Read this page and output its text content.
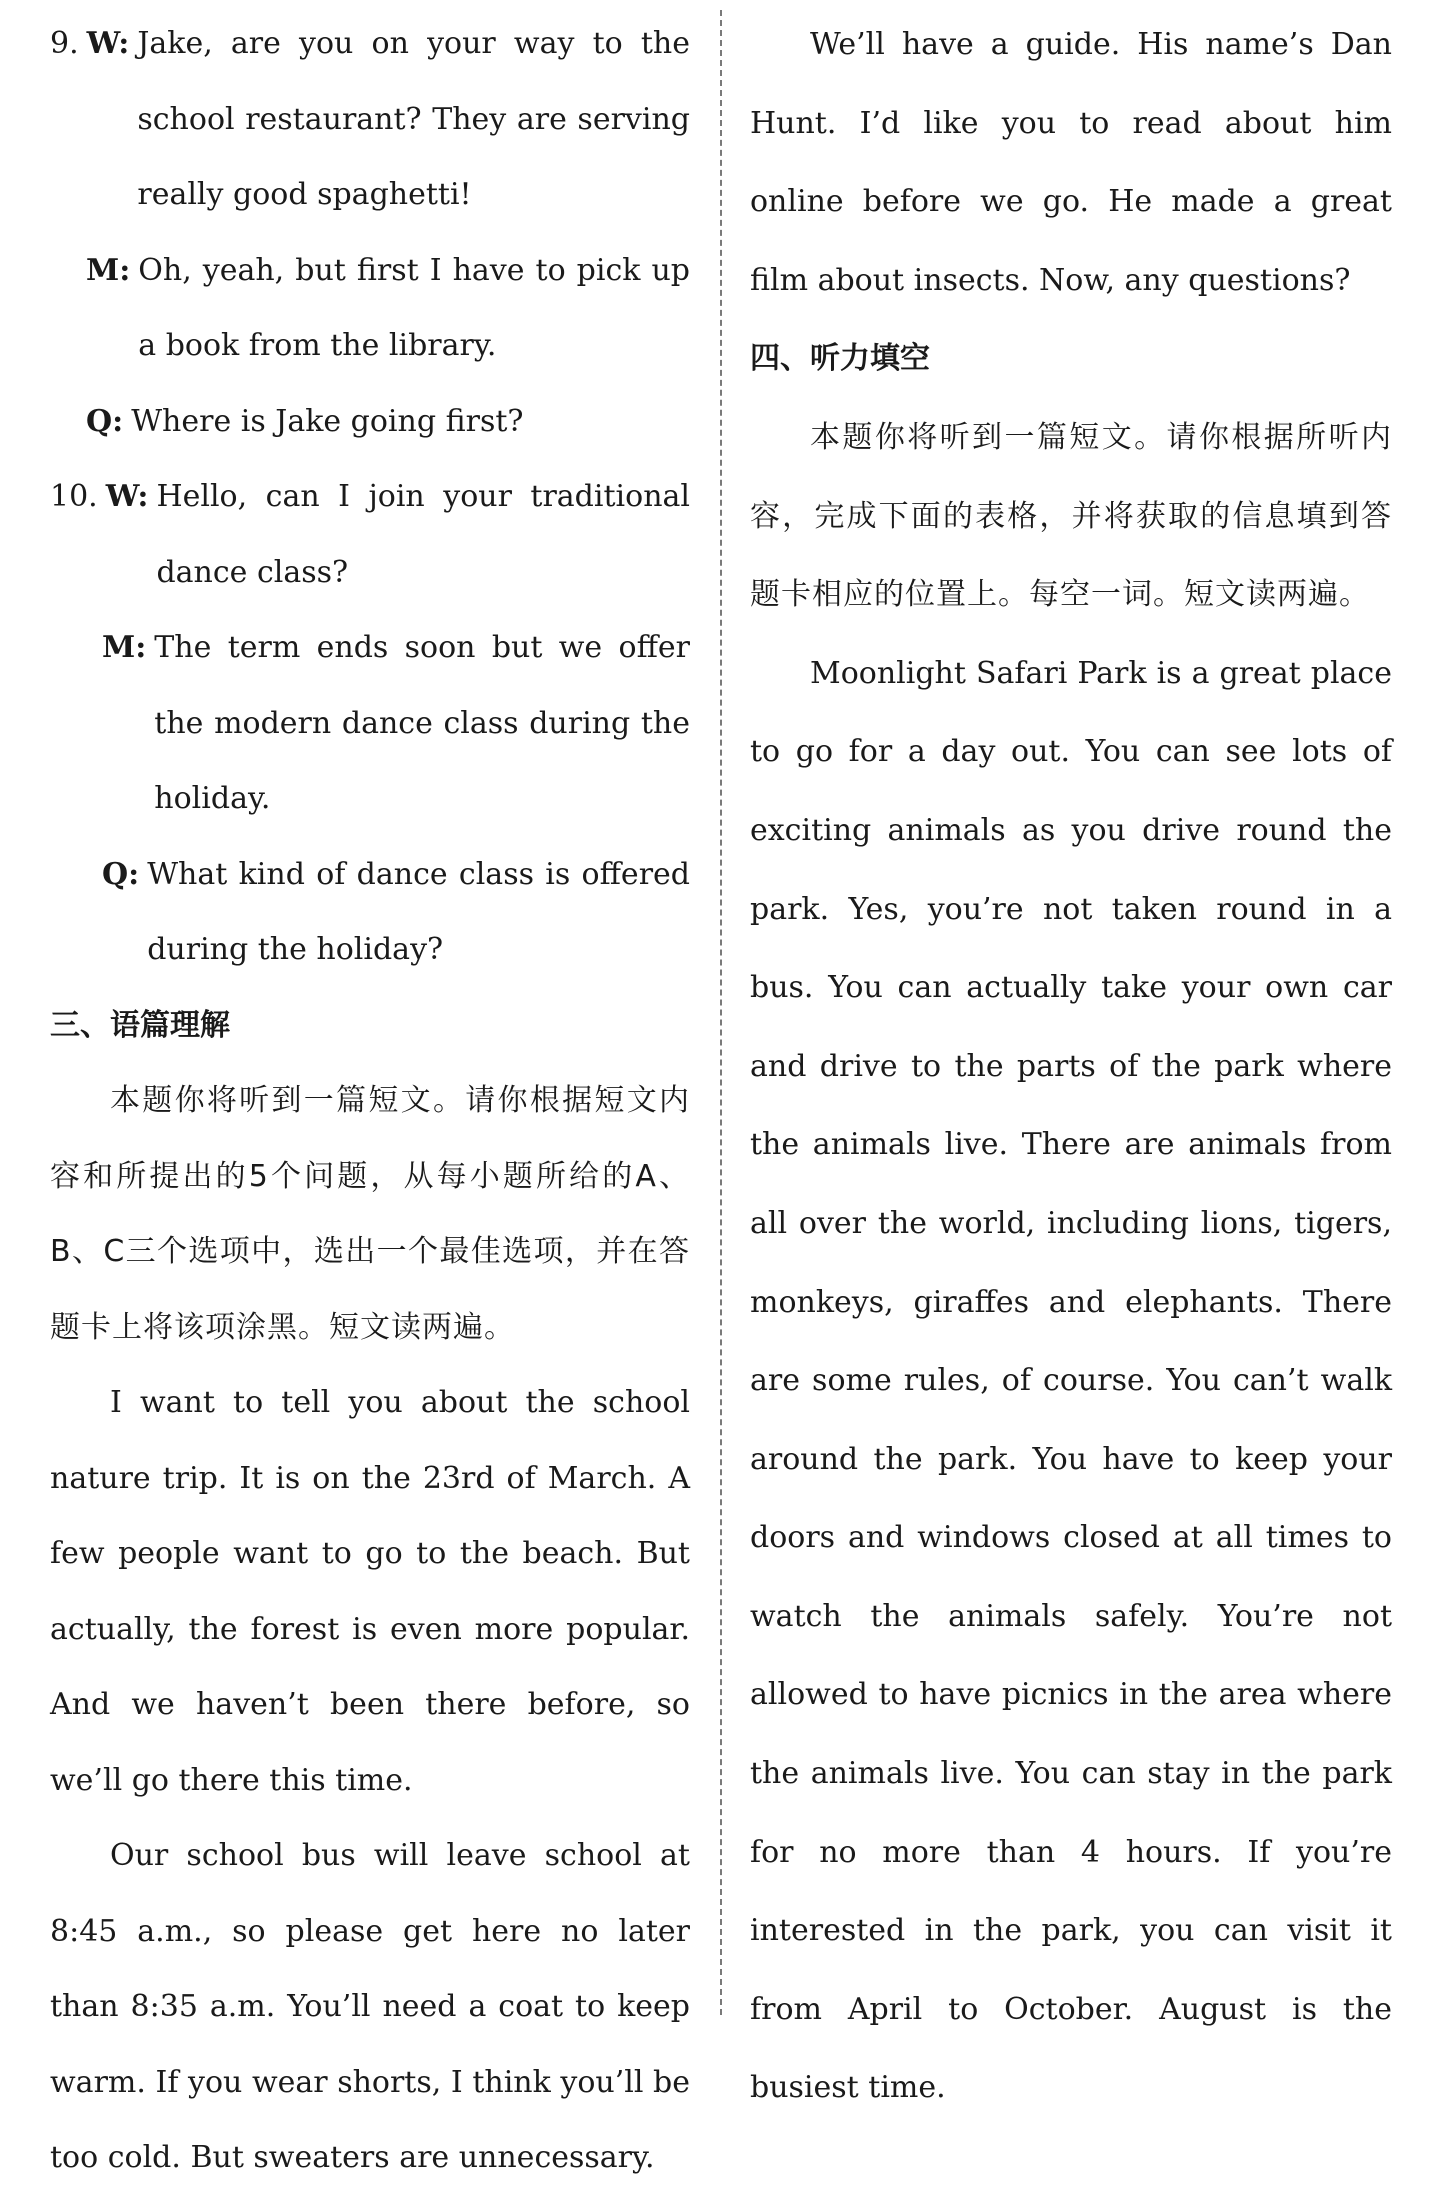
9. W: Jake, are you on your way to the school restaurant? They are serving really good spaghetti!
M: Oh, yeah, but first I have to pick up a book from the library.
Q: Where is Jake going first?
10. W: Hello, can I join your traditional dance class?
M: The term ends soon but we offer the modern dance class during the holiday.
Q: What kind of dance class is offered during the holiday?

三、语篇理解

本题你将听到一篇短文。请你根据短文内容和所提出的5个问题，从每小题所给的A、B、C三个选项中，选出一个最佳选项，并在答题卡上将该项涂黑。短文读两遍。

I want to tell you about the school nature trip. It is on the 23rd of March. A few people want to go to the beach. But actually, the forest is even more popular. And we haven’t been there before, so we’ll go there this time.

Our school bus will leave school at 8:45 a.m., so please get here no later than 8:35 a.m. You’ll need a coat to keep warm. If you wear shorts, I think you’ll be too cold. But sweaters are unnecessary.

We’ll have a guide. His name’s Dan Hunt. I’d like you to read about him online before we go. He made a great film about insects. Now, any questions?

四、听力填空

本题你将听到一篇短文。请你根据所听内容，完成下面的表格，并将获取的信息填到答题卡相应的位置上。每空一词。短文读两遍。

Moonlight Safari Park is a great place to go for a day out. You can see lots of exciting animals as you drive round the park. Yes, you’re not taken round in a bus. You can actually take your own car and drive to the parts of the park where the animals live. There are animals from all over the world, including lions, tigers, monkeys, giraffes and elephants. There are some rules, of course. You can’t walk around the park. You have to keep your doors and windows closed at all times to watch the animals safely. You’re not allowed to have picnics in the area where the animals live. You can stay in the park for no more than 4 hours. If you’re interested in the park, you can visit it from April to October. August is the busiest time.
